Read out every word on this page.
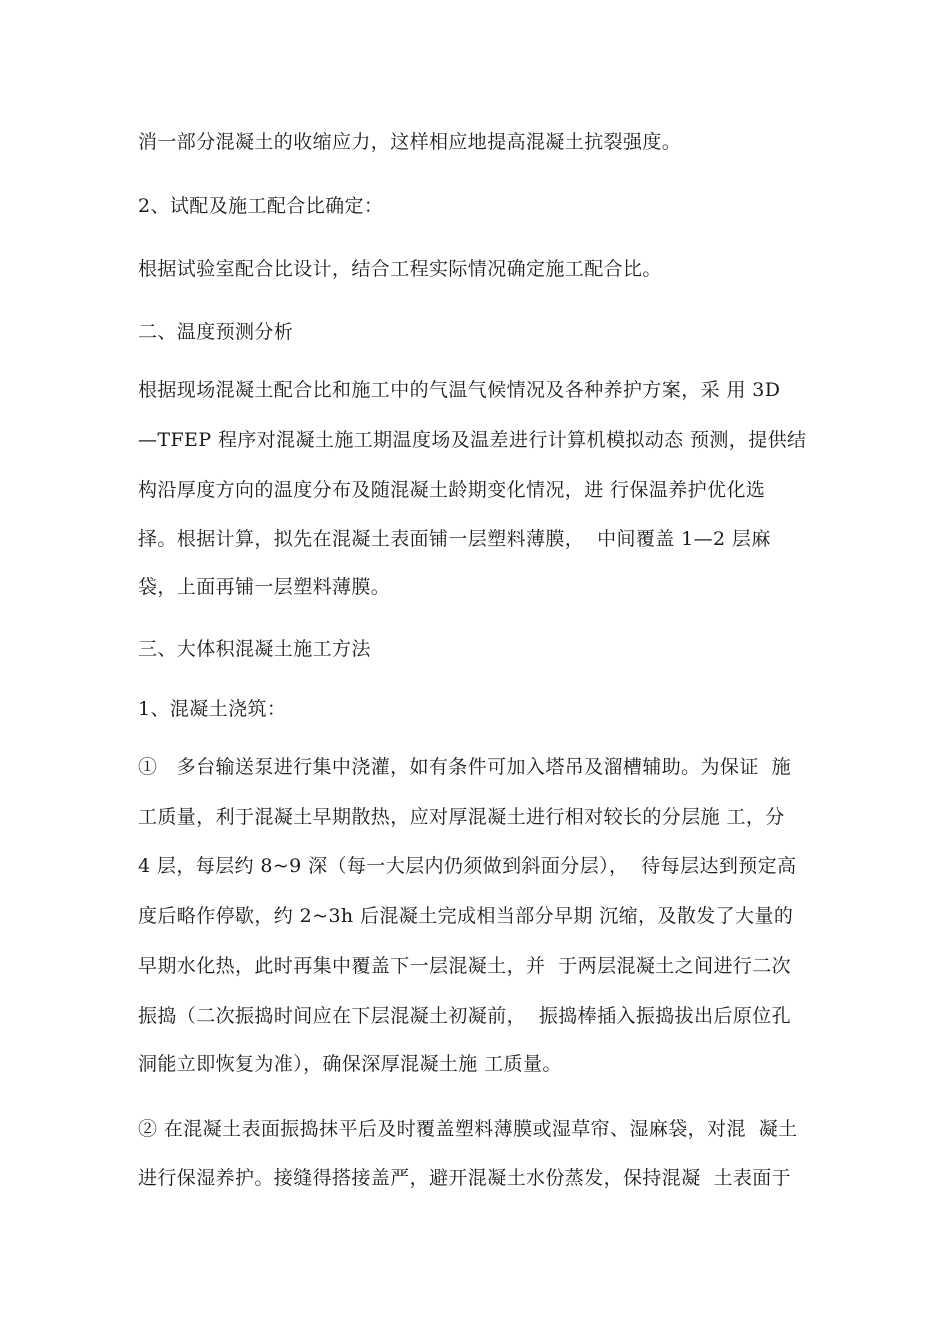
消一部分混凝土的收缩应力，这样相应地提高混凝土抗裂强度。
2、试配及施工配合比确定：
根据试验室配合比设计，结合工程实际情况确定施工配合比。
二、温度预测分析
根据现场混凝土配合比和施工中的气温气候情况及各种养护方案，采 用 3D
—TFEP 程序对混凝土施工期温度场及温差进行计算机模拟动态 预测，提供结
构沿厚度方向的温度分布及随混凝土龄期变化情况，进 行保温养护优化选
择。根据计算，拟先在混凝土表面铺一层塑料薄膜，  中间覆盖 1—2 层麻
袋，上面再铺一层塑料薄膜。
三、大体积混凝土施工方法
1、混凝土浇筑：
①   多台输送泵进行集中浇灌，如有条件可加入塔吊及溜槽辅助。为保证  施
工质量，利于混凝土早期散热，应对厚混凝土进行相对较长的分层施 工，分
4 层，每层约 8~9 深（每一大层内仍须做到斜面分层），  待每层达到预定高
度后略作停歇，约 2~3h 后混凝土完成相当部分早期 沉缩，及散发了大量的
早期水化热，此时再集中覆盖下一层混凝土，并  于两层混凝土之间进行二次
振捣（二次振捣时间应在下层混凝土初凝前，  振捣棒插入振捣拔出后原位孔
洞能立即恢复为准），确保深厚混凝土施 工质量。
② 在混凝土表面振捣抹平后及时覆盖塑料薄膜或湿草帘、湿麻袋，对混  凝土
进行保湿养护。接缝得搭接盖严，避开混凝土水份蒸发，保持混凝  土表面于
